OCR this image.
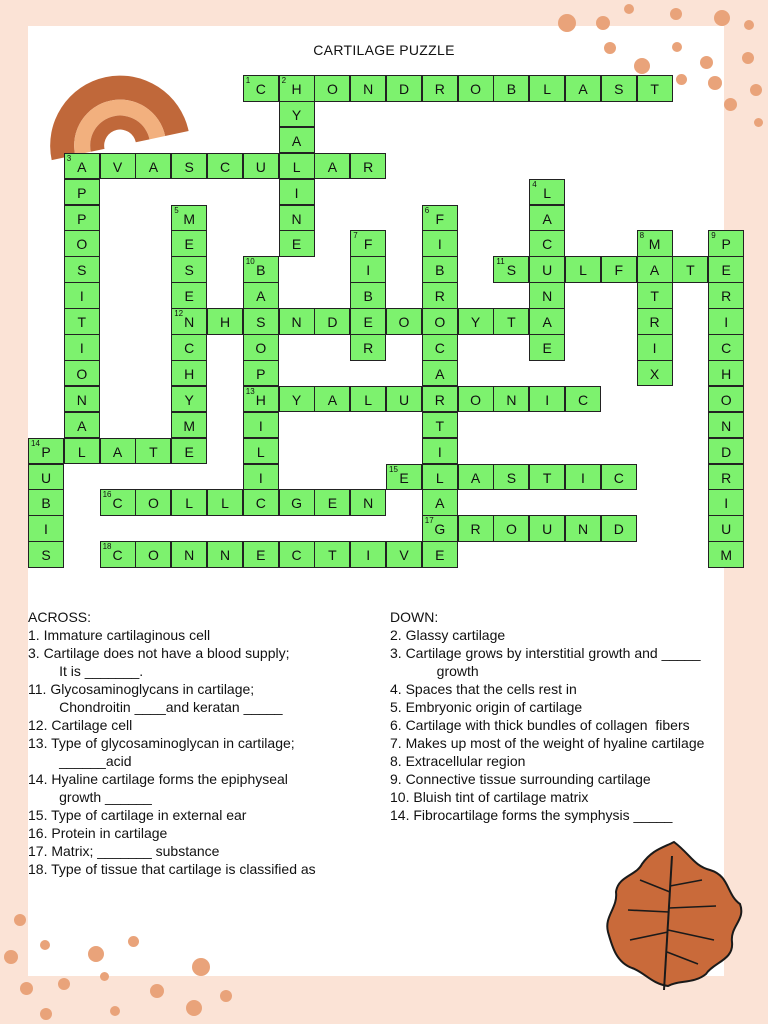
CARTILAGE PUZZLE
1
C
2
H	O	N	D	R	O	B	L	A	S	T
Y
A
L
I
N
E
3
A	V	A	S	C	U	A	R
P
P
O
S
I
T
I
O
N
A
L
4
L
A
C
U
N
A
E
5
M
E
S
E
12
N
C
H
Y
M
E
6
F
I
B
R
O
C
A
R
T
I
L
A
17
G
E
7
F
I
B
E
R
8
M
A
T
R
I
X
9
P
E
R
I
C
H
O
N
D
R
I
U
M
10
B
A
S
O
P
13
H
I
L
I
C
11
S	L	F	T
H	N	D	O	Y	T
Y	A	L	U	O	N	I	C
14
P	A	T
U
B
I
S
15
E	A	S	T	I	C
16
C	O	L	L	G	E	N
R	O	U	N	D
18
C	O	N	N	E	C	T	I	V
ACROSS:
1. Immature cartilaginous cell
3. Cartilage does not have a blood supply;
It is _______.
11. Glycosaminoglycans in cartilage;
Chondroitin ____and keratan _____
12. Cartilage cell
13. Type of glycosaminoglycan in cartilage;
______acid
14. Hyaline cartilage forms the epiphyseal
growth ______
15. Type of cartilage in external ear
16. Protein in cartilage
17. Matrix; _______ substance
18. Type of tissue that cartilage is classified as
DOWN:
2. Glassy cartilage
3. Cartilage grows by interstitial growth and _____
growth
4. Spaces that the cells rest in
5. Embryonic origin of cartilage
6. Cartilage with thick bundles of collagen  fibers
7. Makes up most of the weight of hyaline cartilage
8. Extracellular region
9. Connective tissue surrounding cartilage
10. Bluish tint of cartilage matrix
14. Fibrocartilage forms the symphysis _____
